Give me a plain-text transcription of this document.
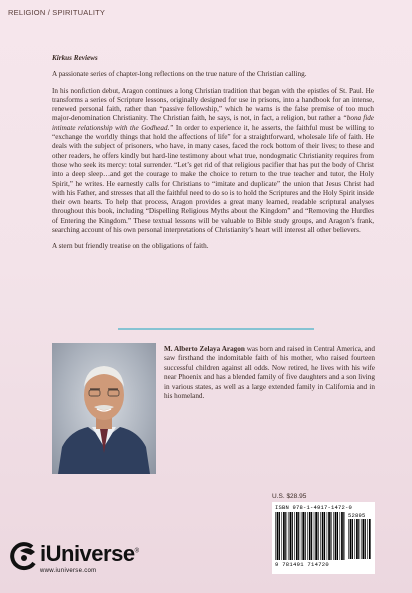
RELIGION / SPIRITUALITY
Kirkus Reviews

A passionate series of chapter-long reflections on the true nature of the Christian calling.

In his nonfiction debut, Aragon continues a long Christian tradition that began with the epistles of St. Paul. He transforms a series of Scripture lessons, originally designed for use in prisons, into a handbook for an intense, renewed personal faith, rather than “passive fellowship,” which he warns is the false premise of too much major-denomination Christianity. The Christian faith, he says, is not, in fact, a religion, but rather a “bona fide intimate relationship with the Godhead.” In order to experience it, he asserts, the faithful must be willing to “exchange the worldly things that hold the affections of life” for a straightforward, wholesale life of faith. He deals with the subject of prisoners, who have, in many cases, faced the rock bottom of their lives; to these and other readers, he offers kindly but hard-line testimony about what true, nondogmatic Christianity requires from those who seek its mercy: total surrender. “Let’s get rid of that religious pacifier that has put the body of Christ into a deep sleep…and get the courage to make the choice to return to the true teacher and tutor, the Holy Spirit,” he writes. He earnestly calls for Christians to “imitate and duplicate” the union that Jesus Christ had with his Father, and stresses that all the faithful need to do so is to hold the Scriptures and the Holy Spirit inside their own hearts. To help that process, Aragon provides a great many learned, readable scriptural analyses throughout this book, including “Dispelling Religious Myths about the Kingdom” and “Removing the Hurdles of Entering the Kingdom.” These textual lessons will be valuable to Bible study groups, and Aragon’s frank, searching account of his own personal interpretations of Christianity’s heart will interest all other believers.

A stern but friendly treatise on the obligations of faith.

M. Alberto Zelaya Aragon was born and raised in Central America, and saw firsthand the indomitable faith of his mother, who raised fourteen successful children against all odds. Now retired, he lives with his wife near Phoenix and has a blended family of five daughters and a son living in various states, as well as a large extended family in California and in his homeland.
U.S. $28.95
ISBN 978-1-4917-1472-0
52895
9 781491 714720
iUniverse®
www.iuniverse.com
